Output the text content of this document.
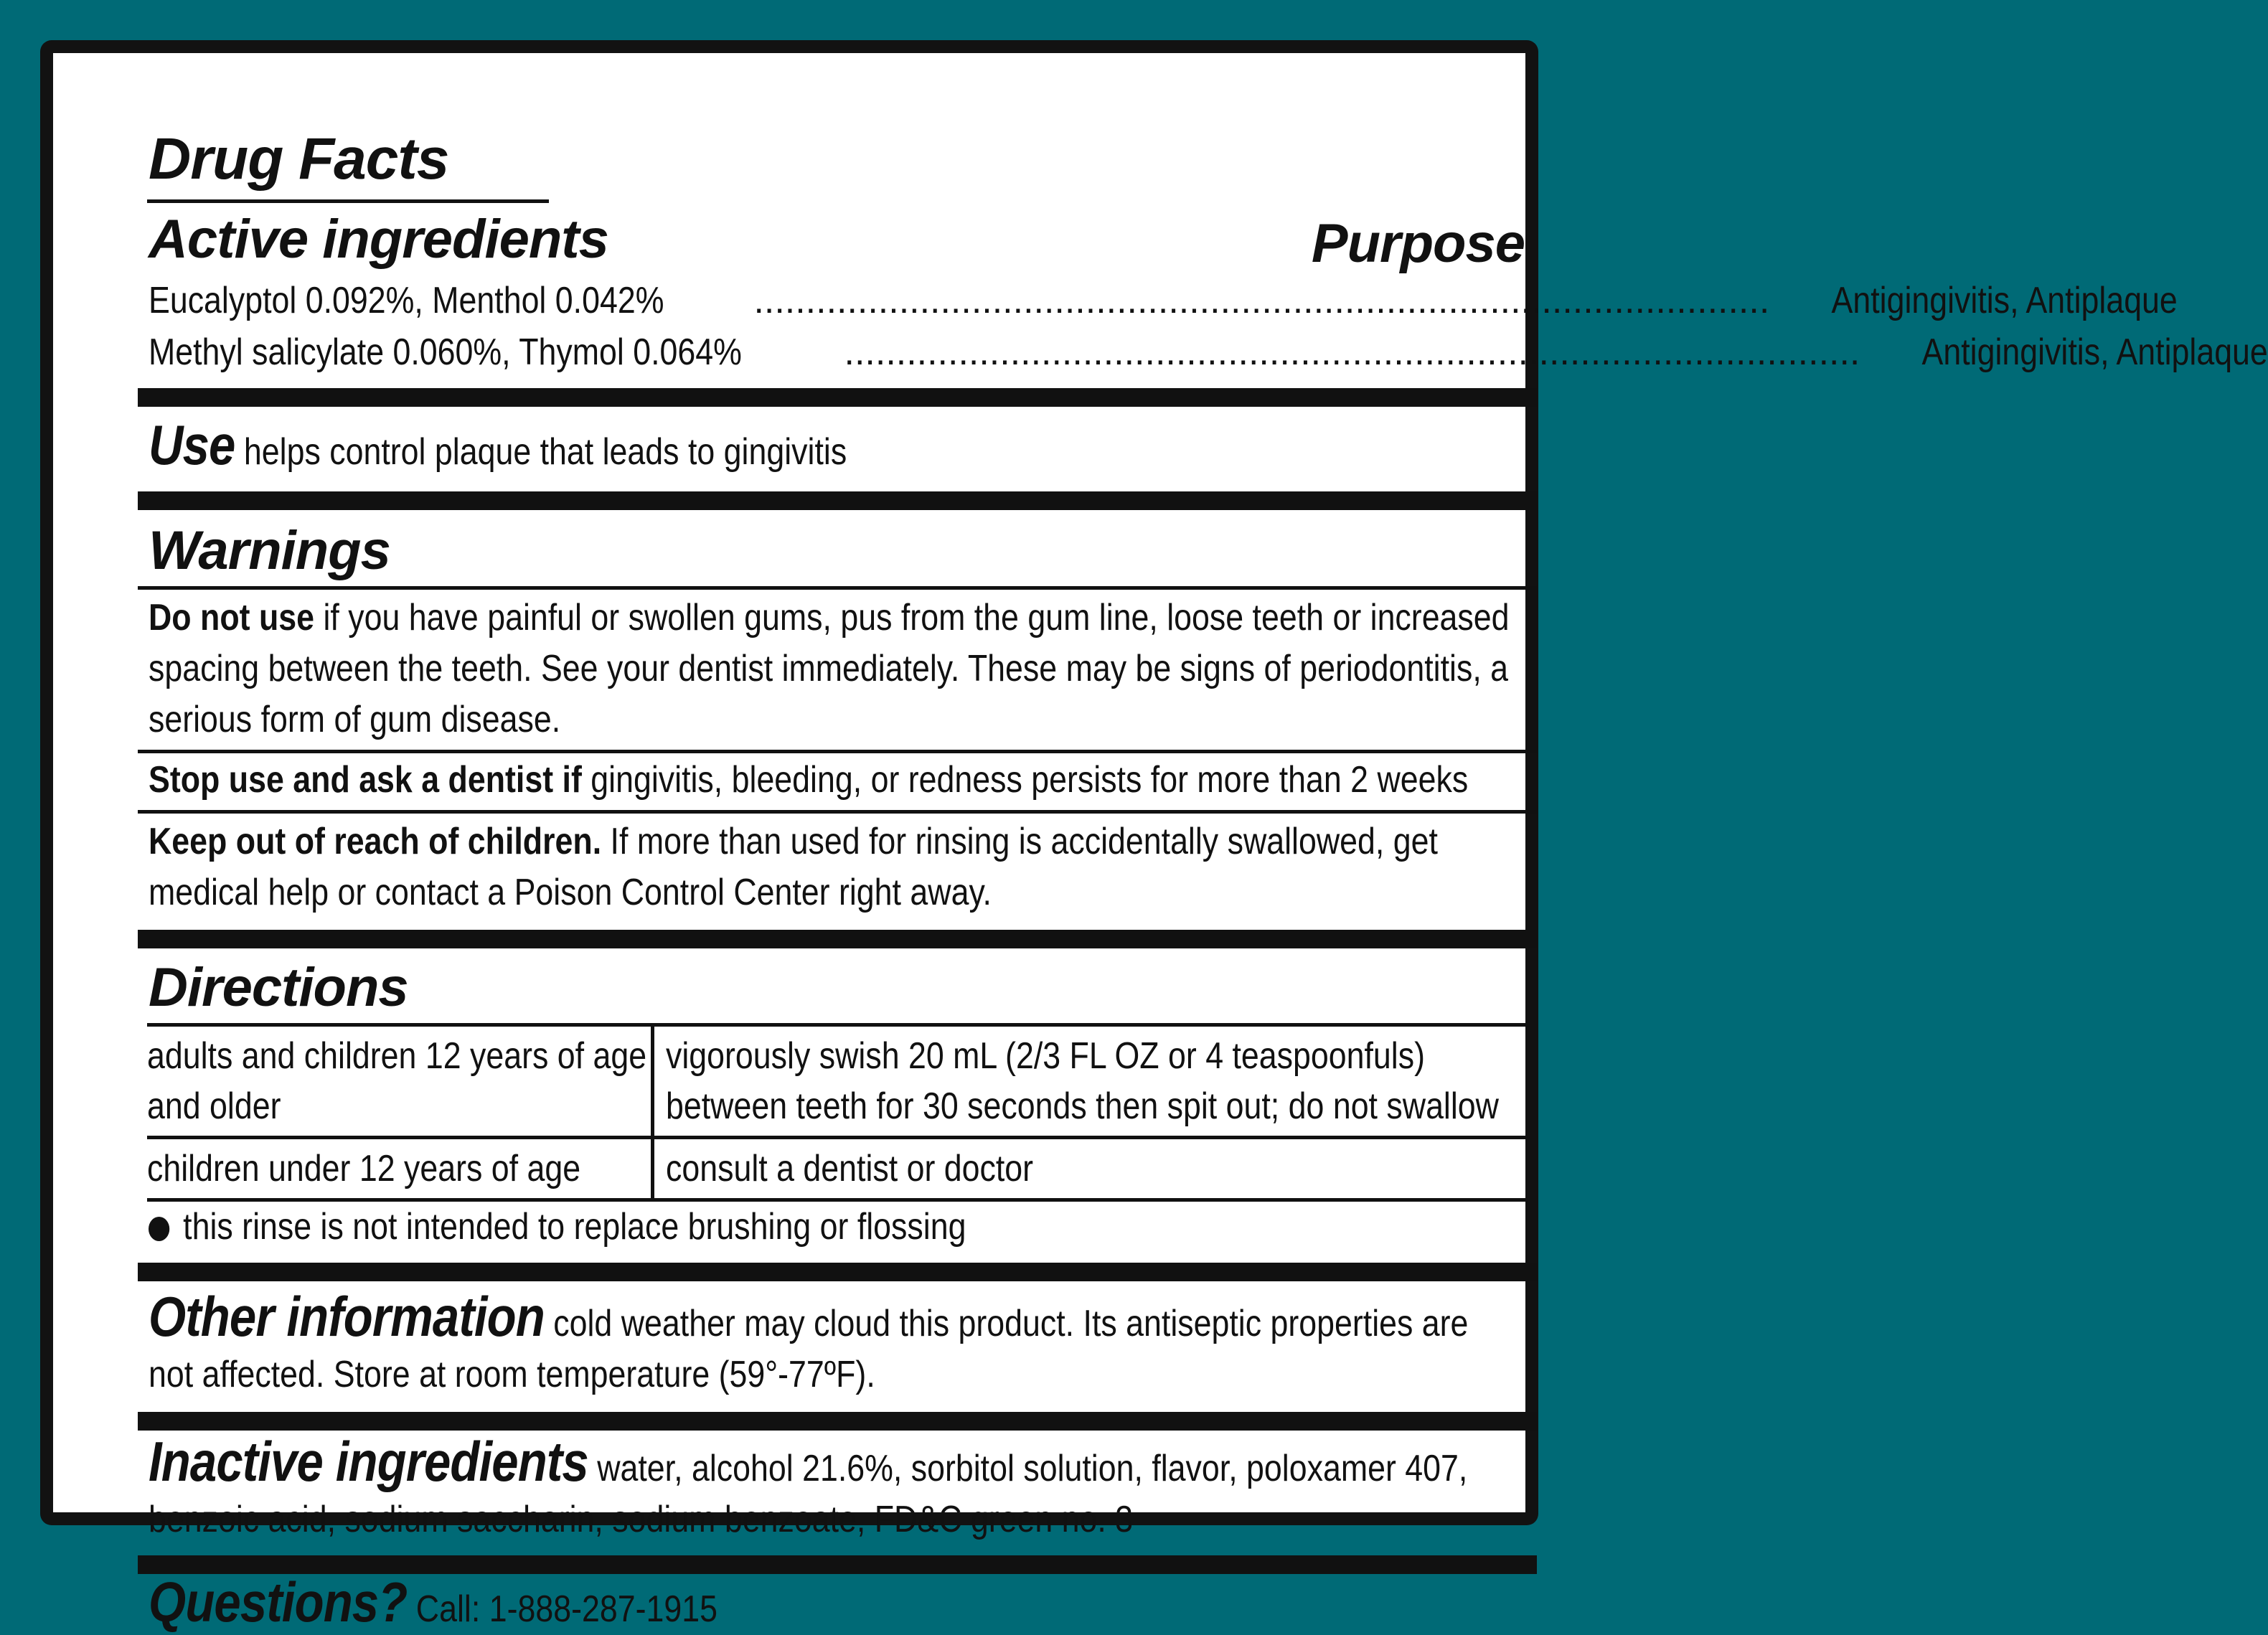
Drug Facts
Active ingredients	Purpose
Eucalyptol 0.092%, Menthol 0.042% .................................................................................................. Antigingivitis, Antiplaque
Methyl salicylate 0.060%, Thymol 0.064%	.................................................................................................. Antigingivitis, Antiplaque
Use helps control plaque that leads to gingivitis
Warnings
Do not use if you have painful or swollen gums, pus from the gum line, loose teeth or increased spacing between the teeth. See your dentist immediately. These may be signs of periodontitis, a serious form of gum disease.
Stop use and ask a dentist if gingivitis, bleeding, or redness persists for more than 2 weeks
Keep out of reach of children. If more than used for rinsing is accidentally swallowed, get medical help or contact a Poison Control Center right away.
Directions
adults and children 12 years of age and older	vigorously swish 20 mL (2/3 FL OZ or 4 teaspoonfuls) between teeth for 30 seconds then spit out; do not swallow
children under 12 years of age	consult a dentist or doctor
this rinse is not intended to replace brushing or flossing
Other information cold weather may cloud this product. Its antiseptic properties are not affected. Store at room temperature (59°-77ºF).
Inactive ingredients water, alcohol 21.6%, sorbitol solution, flavor, poloxamer 407, benzoic acid, sodium saccharin, sodium benzoate, FD&C green no. 3
Questions? Call: 1-888-287-1915
